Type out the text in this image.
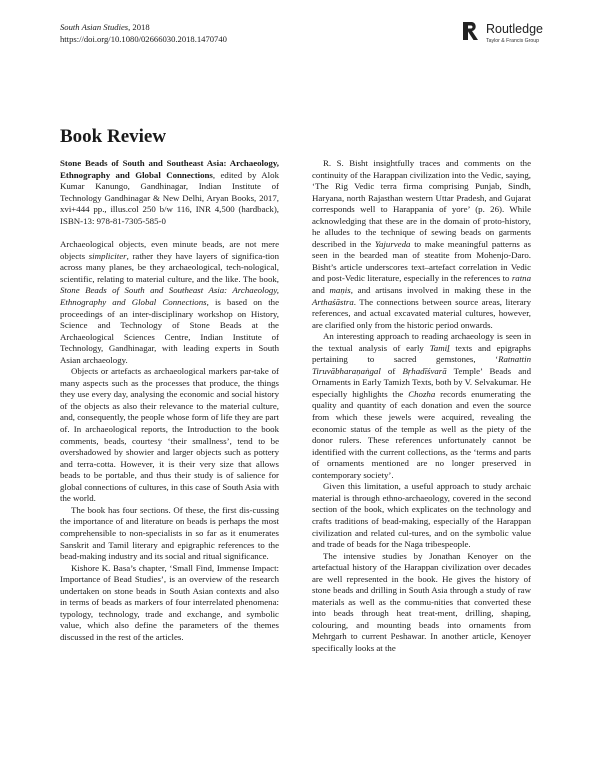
South Asian Studies, 2018
https://doi.org/10.1080/02666030.2018.1470740
Routledge
Taylor & Francis Group
Book Review

Stone Beads of South and Southeast Asia: Archaeology, Ethnography and Global Connections, edited by Alok Kumar Kanungo, Gandhinagar, Indian Institute of Technology Gandhinagar & New Delhi, Aryan Books, 2017, xvi+444 pp., illus.col 250 b/w 116, INR 4,500 (hardback), ISBN-13: 978-81-7305-585-0

Archaeological objects, even minute beads, are not mere objects simpliciter, rather they have layers of significa-tion across many planes, be they archaeological, tech-nological, scientific, relating to material culture, and the like. The book, Stone Beads of South and Southeast Asia: Archaeology, Ethnography and Global Connections, is based on the proceedings of an inter-disciplinary workshop on History, Science and Technology of Stone Beads at the Archaeological Sciences Centre, Indian Institute of Technology, Gandhinagar, with leading experts in South Asian archaeology.

Objects or artefacts as archaeological markers par-take of many aspects such as the processes that produce, the things they use every day, analysing the economic and social history of the objects as also their relevance to the material culture, and, consequently, the people whose form of life they are part of. In archaeological reports, the Introduction to the book comments, beads, courtesy ‘their smallness’, tend to be overshadowed by showier and larger objects such as pottery and terra-cotta. However, it is their very size that allows beads to be portable, and thus their study is of salience for global connections of cultures, in this case of South Asia with the world.

The book has four sections. Of these, the first dis-cussing the importance of and literature on beads is perhaps the most comprehensible to non-specialists in so far as it enumerates Sanskrit and Tamil literary and epigraphic references to the bead-making industry and its social and ritual significance.

Kishore K. Basa’s chapter, ‘Small Find, Immense Impact: Importance of Bead Studies’, is an overview of the research undertaken on stone beads in South Asian contexts and also in terms of beads as markers of four interrelated phenomena: typology, technology, trade and exchange, and symbolic value, which also define the parameters of the themes discussed in the rest of the articles.

R. S. Bisht insightfully traces and comments on the continuity of the Harappan civilization into the Vedic, saying, ‘The Rig Vedic terra firma comprising Punjab, Sindh, Haryana, north Rajasthan western Uttar Pradesh, and Gujarat corresponds well to Harappania of yore’ (p. 26). While acknowledging that these are in the domain of proto-history, he alludes to the technique of sewing beads on garments described in the Yajurveda to make meaningful patterns as seen in the bearded man of steatite from Mohenjo-Daro. Bisht’s article underscores text–artefact correlation in Vedic and post-Vedic literature, especially in the references to ratna and maṇis, and artisans involved in making these in the Arthaśāstra. The connections between source areas, literary references, and actual excavated material cultures, however, are clarified only from the historic period onwards.

An interesting approach to reading archaeology is seen in the textual analysis of early Tamiḻ texts and epigraphs pertaining to sacred gemstones, ‘Ratnattin Tiruvābharaṇaṅgal of Bṛhadīśvarā Temple’ Beads and Ornaments in Early Tamizh Texts, both by V. Selvakumar. He especially highlights the Chozha records enumerating the quality and quantity of each donation and even the source from which these jewels were acquired, revealing the economic status of the temple as well as the piety of the donor rulers. These references unfortunately cannot be identified with the current collections, as the ‘terms and parts of ornaments mentioned are no longer preserved in contemporary society’.

Given this limitation, a useful approach to study archaic material is through ethno-archaeology, covered in the second section of the book, which explicates on the technology and crafts traditions of bead-making, especially of the Harappan civilization and related cul-tures, and on the symbolic value and trade of beads for the Naga tribespeople.

The intensive studies by Jonathan Kenoyer on the artefactual history of the Harappan civilization over decades are well represented in the book. He gives the history of stone beads and drilling in South Asia through a study of raw materials as well as the commu-nities that converted these into beads through heat treat-ment, drilling, shaping, colouring, and mounting beads into ornaments from Mehrgarh to current Peshawar. In another article, Kenoyer specifically looks at the
